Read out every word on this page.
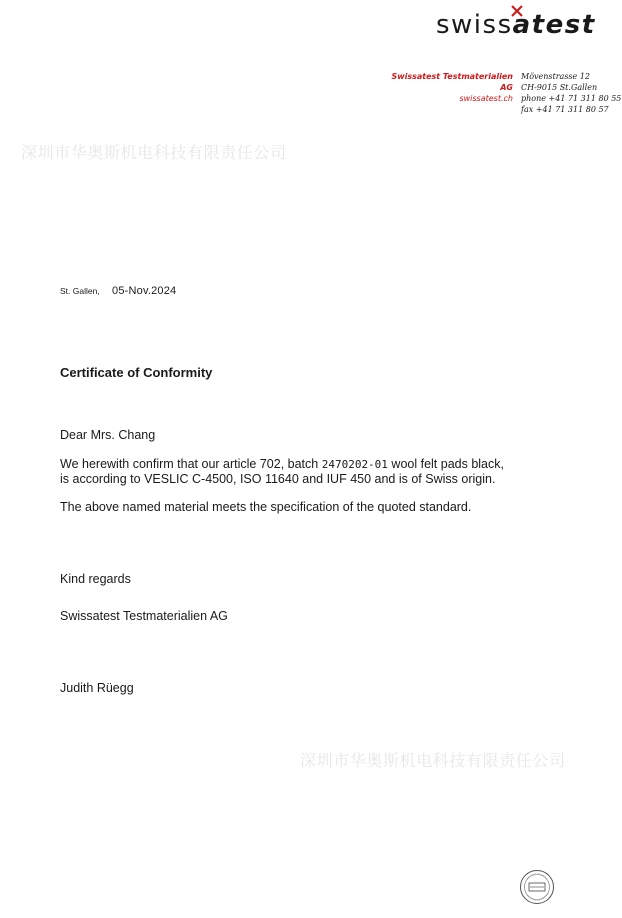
swissatest
Swissatest Testmaterialien AG
swissatest.ch
Mövenstrasse 12
CH-9015 St.Gallen
phone +41 71 311 80 55
fax +41 71 311 80 57
深圳市华奥斯机电科技有限责任公司
深圳市华奥斯机电科技有限责任公司
St. Gallen, 05-Nov.2024
Certificate of Conformity
Dear Mrs. Chang
We herewith confirm that our article 702, batch 2470202-01 wool felt pads black,
is according to VESLIC C-4500, ISO 11640 and IUF 450 and is of Swiss origin.
The above named material meets the specification of the quoted standard.
Kind regards
Swissatest Testmaterialien AG
Judith Rüegg
